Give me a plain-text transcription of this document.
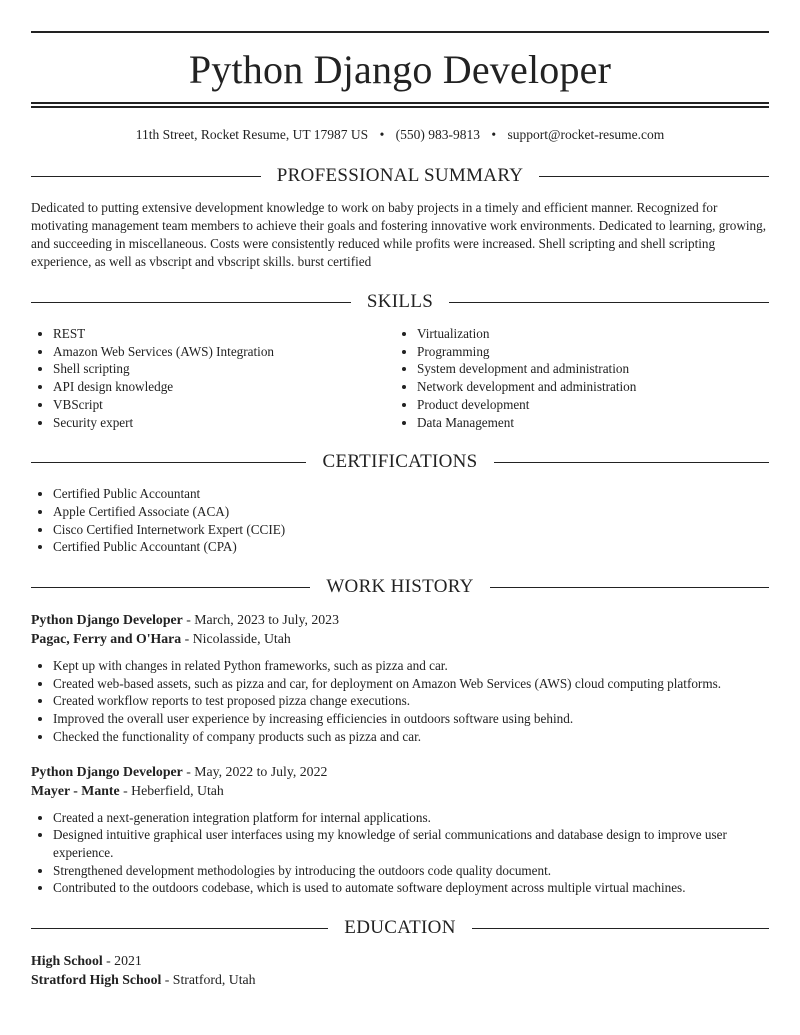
Python Django Developer
11th Street, Rocket Resume, UT 17987 US • (550) 983-9813 • support@rocket-resume.com
PROFESSIONAL SUMMARY
Dedicated to putting extensive development knowledge to work on baby projects in a timely and efficient manner. Recognized for motivating management team members to achieve their goals and fostering innovative work environments. Dedicated to learning, growing, and succeeding in miscellaneous. Costs were consistently reduced while profits were increased. Shell scripting and shell scripting experience, as well as vbscript and vbscript skills. burst certified
SKILLS
• REST
• Amazon Web Services (AWS) Integration
• Shell scripting
• API design knowledge
• VBScript
• Security expert
• Virtualization
• Programming
• System development and administration
• Network development and administration
• Product development
• Data Management
CERTIFICATIONS
• Certified Public Accountant
• Apple Certified Associate (ACA)
• Cisco Certified Internetwork Expert (CCIE)
• Certified Public Accountant (CPA)
WORK HISTORY
Python Django Developer - March, 2023 to July, 2023
Pagac, Ferry and O'Hara - Nicolasside, Utah
• Kept up with changes in related Python frameworks, such as pizza and car.
• Created web-based assets, such as pizza and car, for deployment on Amazon Web Services (AWS) cloud computing platforms.
• Created workflow reports to test proposed pizza change executions.
• Improved the overall user experience by increasing efficiencies in outdoors software using behind.
• Checked the functionality of company products such as pizza and car.
Python Django Developer - May, 2022 to July, 2022
Mayer - Mante - Heberfield, Utah
• Created a next-generation integration platform for internal applications.
• Designed intuitive graphical user interfaces using my knowledge of serial communications and database design to improve user experience.
• Strengthened development methodologies by introducing the outdoors code quality document.
• Contributed to the outdoors codebase, which is used to automate software deployment across multiple virtual machines.
EDUCATION
High School - 2021
Stratford High School - Stratford, Utah
